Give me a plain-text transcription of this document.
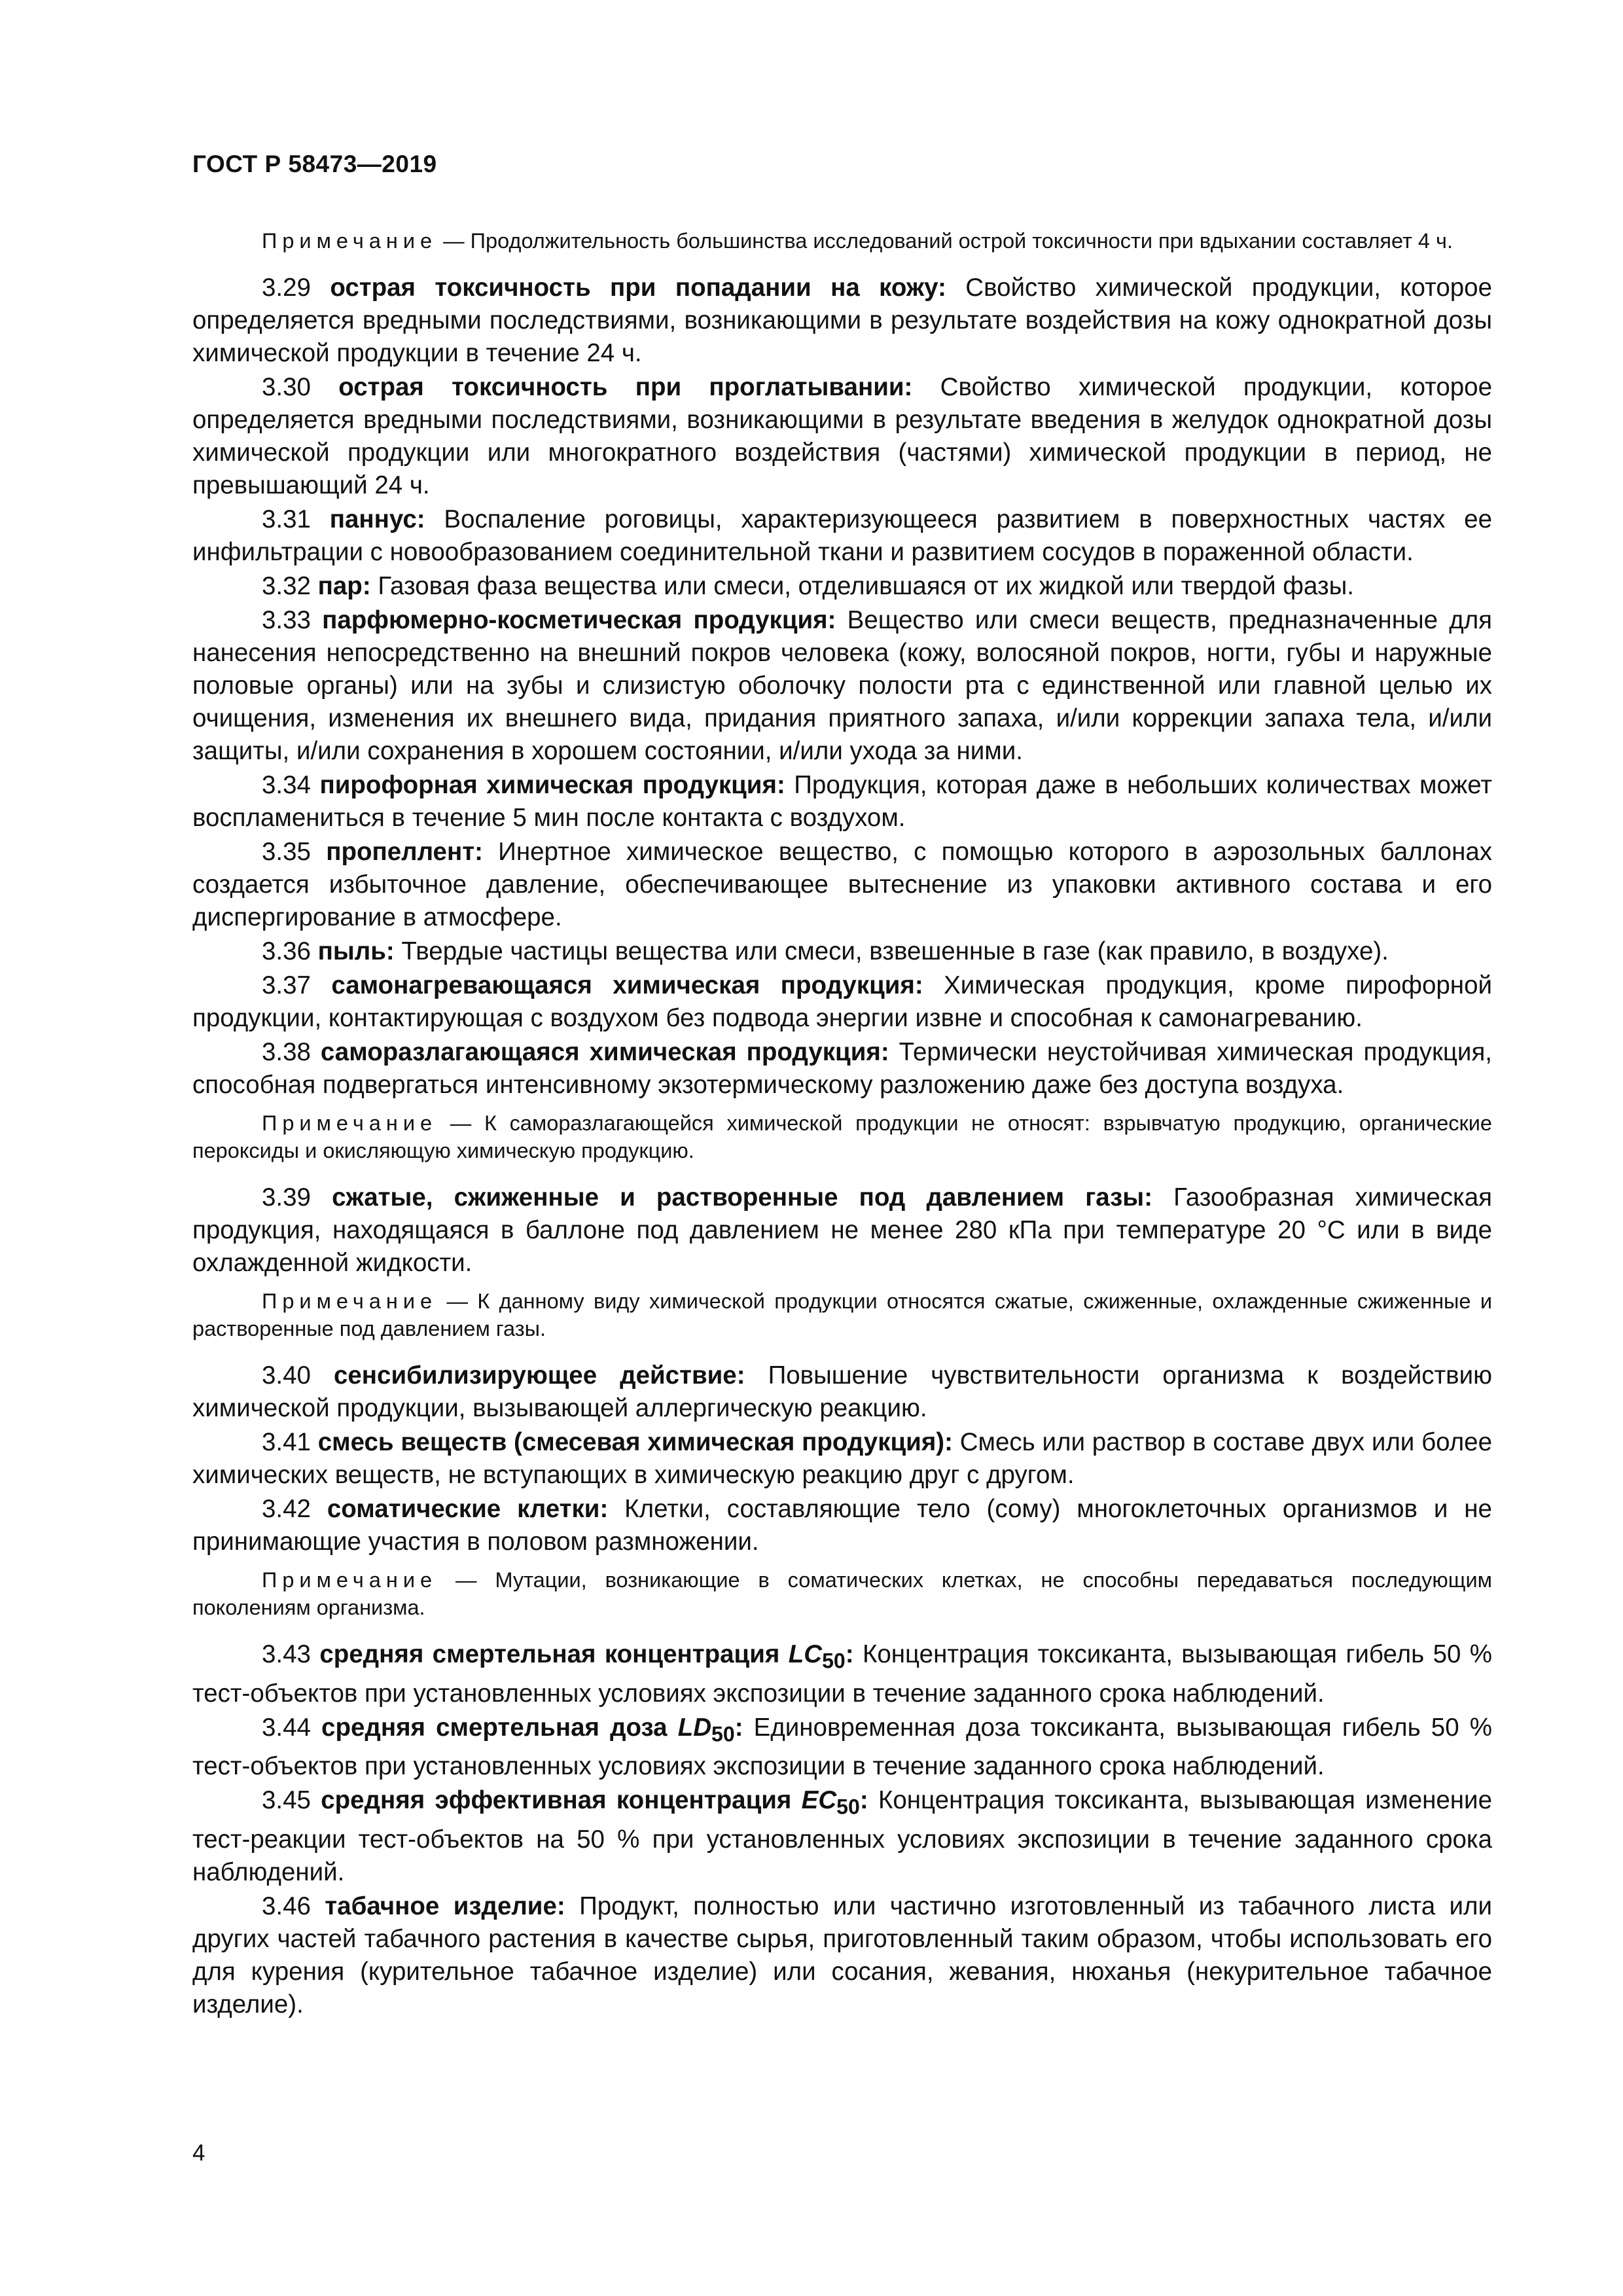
ГОСТ Р 58473—2019

Примечание — Продолжительность большинства исследований острой токсичности при вдыхании составляет 4 ч.

3.29 острая токсичность при попадании на кожу: Свойство химической продукции, которое определяется вредными последствиями, возникающими в результате воздействия на кожу однократной дозы химической продукции в течение 24 ч.

3.30 острая токсичность при проглатывании: Свойство химической продукции, которое определяется вредными последствиями, возникающими в результате введения в желудок однократной дозы химической продукции или многократного воздействия (частями) химической продукции в период, не превышающий 24 ч.

3.31 паннус: Воспаление роговицы, характеризующееся развитием в поверхностных частях ее инфильтрации с новообразованием соединительной ткани и развитием сосудов в пораженной области.

3.32 пар: Газовая фаза вещества или смеси, отделившаяся от их жидкой или твердой фазы.

3.33 парфюмерно-косметическая продукция: Вещество или смеси веществ, предназначенные для нанесения непосредственно на внешний покров человека (кожу, волосяной покров, ногти, губы и наружные половые органы) или на зубы и слизистую оболочку полости рта с единственной или главной целью их очищения, изменения их внешнего вида, придания приятного запаха, и/или коррекции запаха тела, и/или защиты, и/или сохранения в хорошем состоянии, и/или ухода за ними.

3.34 пирофорная химическая продукция: Продукция, которая даже в небольших количествах может воспламениться в течение 5 мин после контакта с воздухом.

3.35 пропеллент: Инертное химическое вещество, с помощью которого в аэрозольных баллонах создается избыточное давление, обеспечивающее вытеснение из упаковки активного состава и его диспергирование в атмосфере.

3.36 пыль: Твердые частицы вещества или смеси, взвешенные в газе (как правило, в воздухе).

3.37 самонагревающаяся химическая продукция: Химическая продукция, кроме пирофорной продукции, контактирующая с воздухом без подвода энергии извне и способная к самонагреванию.

3.38 саморазлагающаяся химическая продукция: Термически неустойчивая химическая продукция, способная подвергаться интенсивному экзотермическому разложению даже без доступа воздуха.

Примечание — К саморазлагающейся химической продукции не относят: взрывчатую продукцию, органические пероксиды и окисляющую химическую продукцию.

3.39 сжатые, сжиженные и растворенные под давлением газы: Газообразная химическая продукция, находящаяся в баллоне под давлением не менее 280 кПа при температуре 20 °С или в виде охлажденной жидкости.

Примечание — К данному виду химической продукции относятся сжатые, сжиженные, охлажденные сжиженные и растворенные под давлением газы.

3.40 сенсибилизирующее действие: Повышение чувствительности организма к воздействию химической продукции, вызывающей аллергическую реакцию.

3.41 смесь веществ (смесевая химическая продукция): Смесь или раствор в составе двух или более химических веществ, не вступающих в химическую реакцию друг с другом.

3.42 соматические клетки: Клетки, составляющие тело (сому) многоклеточных организмов и не принимающие участия в половом размножении.

Примечание — Мутации, возникающие в соматических клетках, не способны передаваться последующим поколениям организма.

3.43 средняя смертельная концентрация $LC_{50}$: Концентрация токсиканта, вызывающая гибель 50 % тест-объектов при установленных условиях экспозиции в течение заданного срока наблюдений.

3.44 средняя смертельная доза $LD_{50}$: Единовременная доза токсиканта, вызывающая гибель 50 % тест-объектов при установленных условиях экспозиции в течение заданного срока наблюдений.

3.45 средняя эффективная концентрация $EC_{50}$: Концентрация токсиканта, вызывающая изменение тест-реакции тест-объектов на 50 % при установленных условиях экспозиции в течение заданного срока наблюдений.

3.46 табачное изделие: Продукт, полностью или частично изготовленный из табачного листа или других частей табачного растения в качестве сырья, приготовленный таким образом, чтобы использовать его для курения (курительное табачное изделие) или сосания, жевания, нюханья (некурительное табачное изделие).

4
